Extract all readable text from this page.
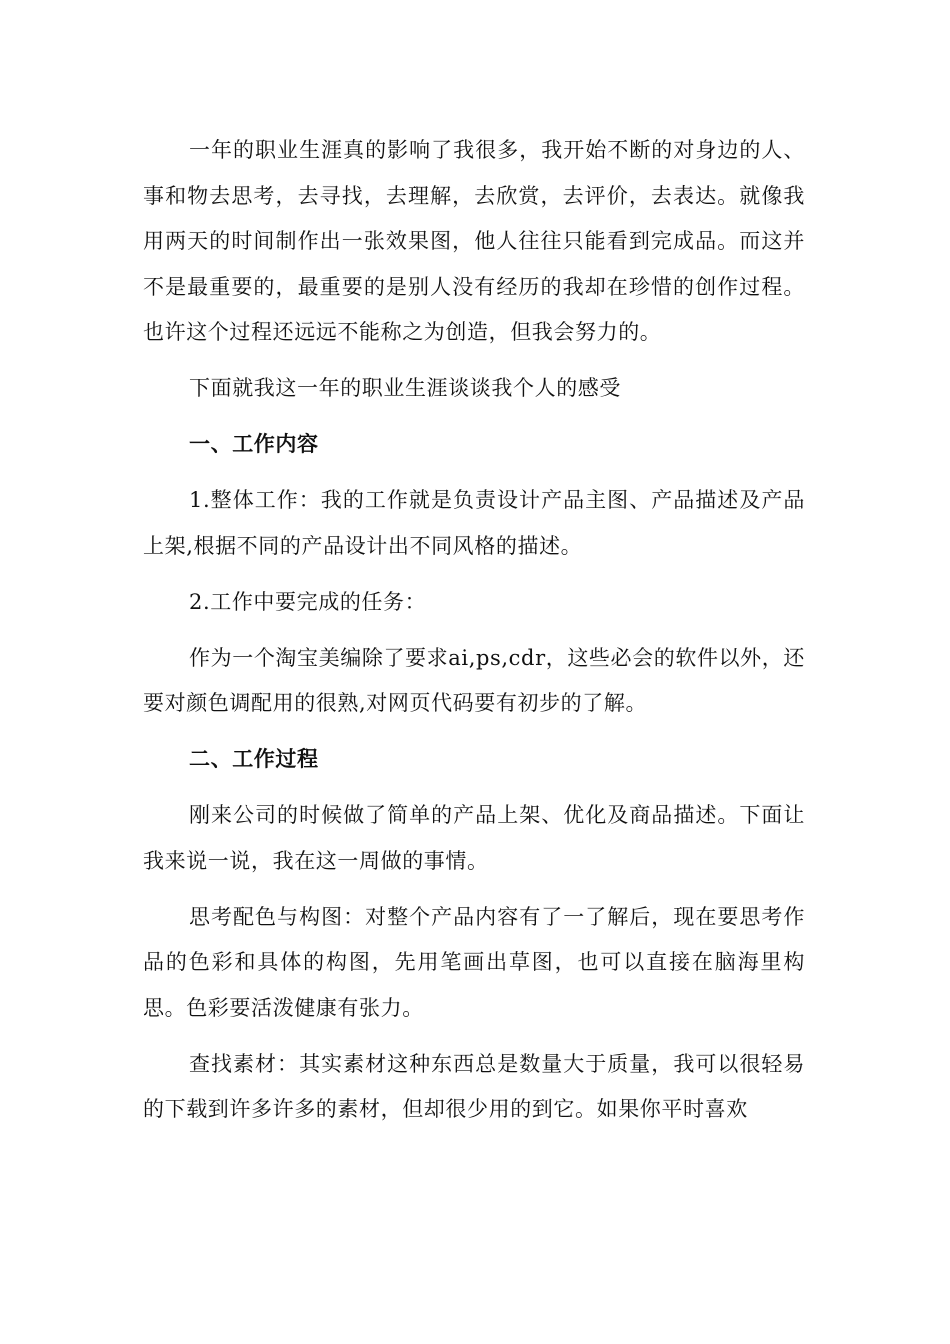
一年的职业生涯真的影响了我很多，我开始不断的对身边的人、事和物去思考，去寻找，去理解，去欣赏，去评价，去表达。就像我用两天的时间制作出一张效果图，他人往往只能看到完成品。而这并不是最重要的，最重要的是别人没有经历的我却在珍惜的创作过程。也许这个过程还远远不能称之为创造，但我会努力的。

下面就我这一年的职业生涯谈谈我个人的感受

一、工作内容

1.整体工作：我的工作就是负责设计产品主图、产品描述及产品上架,根据不同的产品设计出不同风格的描述。

2.工作中要完成的任务：

作为一个淘宝美编除了要求ai,ps,cdr，这些必会的软件以外，还要对颜色调配用的很熟,对网页代码要有初步的了解。

二、工作过程

刚来公司的时候做了简单的产品上架、优化及商品描述。下面让我来说一说，我在这一周做的事情。

思考配色与构图：对整个产品内容有了一了解后，现在要思考作品的色彩和具体的构图，先用笔画出草图，也可以直接在脑海里构思。色彩要活泼健康有张力。

查找素材：其实素材这种东西总是数量大于质量，我可以很轻易的下载到许多许多的素材，但却很少用的到它。如果你平时喜欢
